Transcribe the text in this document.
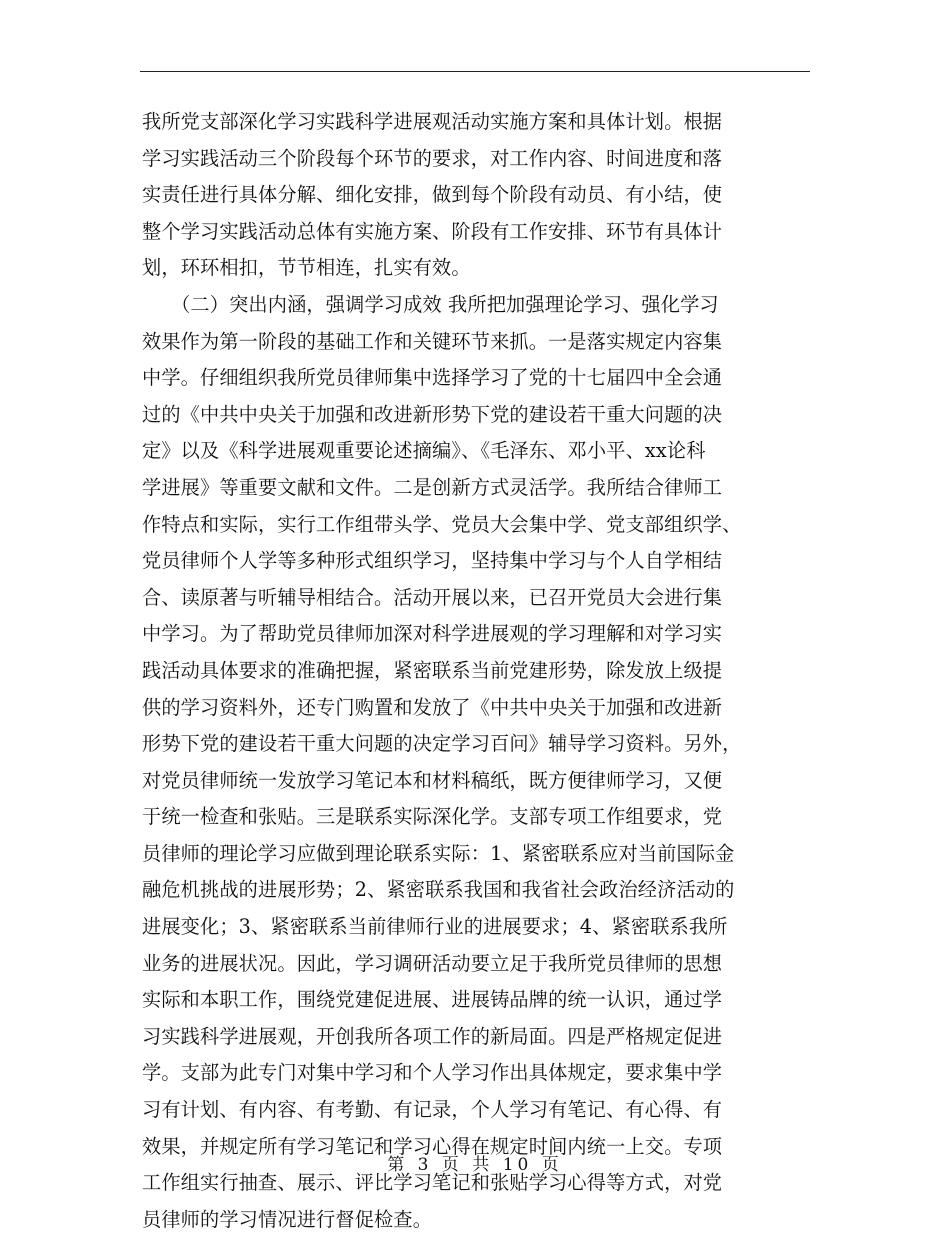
我所党支部深化学习实践科学进展观活动实施方案和具体计划。根据
学习实践活动三个阶段每个环节的要求，对工作内容、时间进度和落
实责任进行具体分解、细化安排，做到每个阶段有动员、有小结，使
整个学习实践活动总体有实施方案、阶段有工作安排、环节有具体计
划，环环相扣，节节相连，扎实有效。
　　（二）突出内涵，强调学习成效 我所把加强理论学习、强化学习
效果作为第一阶段的基础工作和关键环节来抓。一是落实规定内容集
中学。仔细组织我所党员律师集中选择学习了党的十七届四中全会通
过的《中共中央关于加强和改进新形势下党的建设若干重大问题的决
定》以及《科学进展观重要论述摘编》、《毛泽东、邓小平、xx论科
学进展》等重要文献和文件。二是创新方式灵活学。我所结合律师工
作特点和实际，实行工作组带头学、党员大会集中学、党支部组织学、
党员律师个人学等多种形式组织学习，坚持集中学习与个人自学相结
合、读原著与听辅导相结合。活动开展以来，已召开党员大会进行集
中学习。为了帮助党员律师加深对科学进展观的学习理解和对学习实
践活动具体要求的准确把握，紧密联系当前党建形势，除发放上级提
供的学习资料外，还专门购置和发放了《中共中央关于加强和改进新
形势下党的建设若干重大问题的决定学习百问》辅导学习资料。另外，
对党员律师统一发放学习笔记本和材料稿纸，既方便律师学习，又便
于统一检查和张贴。三是联系实际深化学。支部专项工作组要求，党
员律师的理论学习应做到理论联系实际：1、紧密联系应对当前国际金
融危机挑战的进展形势；2、紧密联系我国和我省社会政治经济活动的
进展变化；3、紧密联系当前律师行业的进展要求；4、紧密联系我所
业务的进展状况。因此，学习调研活动要立足于我所党员律师的思想
实际和本职工作，围绕党建促进展、进展铸品牌的统一认识，通过学
习实践科学进展观，开创我所各项工作的新局面。四是严格规定促进
学。支部为此专门对集中学习和个人学习作出具体规定，要求集中学
习有计划、有内容、有考勤、有记录，个人学习有笔记、有心得、有
效果，并规定所有学习笔记和学习心得在规定时间内统一上交。专项
工作组实行抽查、展示、评比学习笔记和张贴学习心得等方式，对党
员律师的学习情况进行督促检查。
第 3 页 共 10 页
